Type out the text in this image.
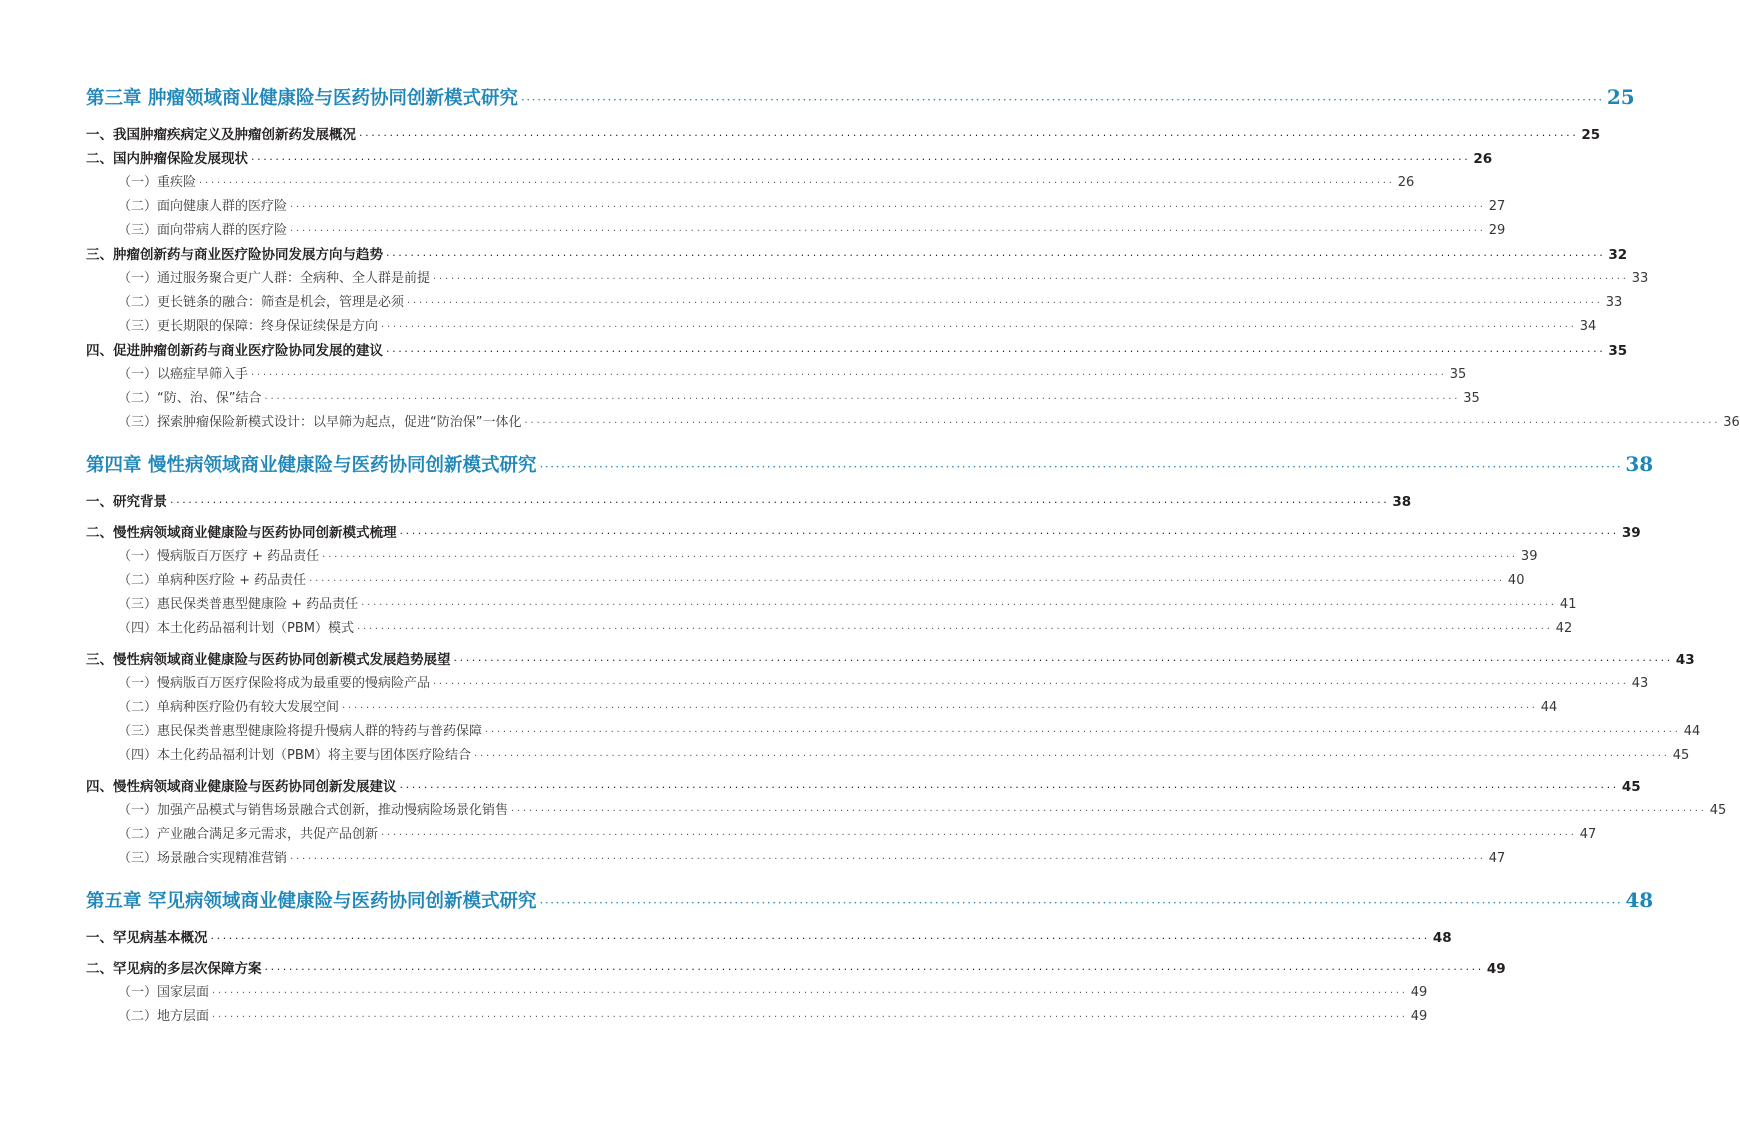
第三章 肿瘤领域商业健康险与医药协同创新模式研究 ········································································································································································································ 25
一、我国肿瘤疾病定义及肿瘤创新药发展概况 ········································································································································································································ 25
二、国内肿瘤保险发展现状 ········································································································································································································ 26
（一）重疾险 ········································································································································································································ 26
（二）面向健康人群的医疗险 ········································································································································································································ 27
（三）面向带病人群的医疗险 ········································································································································································································ 29
三、肿瘤创新药与商业医疗险协同发展方向与趋势 ········································································································································································································ 32
（一）通过服务聚合更广人群：全病种、全人群是前提 ········································································································································································································ 33
（二）更长链条的融合：筛查是机会，管理是必须 ········································································································································································································ 33
（三）更长期限的保障：终身保证续保是方向 ········································································································································································································ 34
四、促进肿瘤创新药与商业医疗险协同发展的建议 ········································································································································································································ 35
（一）以癌症早筛入手 ········································································································································································································ 35
（二）“防、治、保”结合 ········································································································································································································ 35
（三）探索肿瘤保险新模式设计：以早筛为起点，促进“防治保”一体化 ········································································································································································································ 36
第四章 慢性病领域商业健康险与医药协同创新模式研究 ········································································································································································································ 38
一、研究背景 ········································································································································································································ 38
二、慢性病领域商业健康险与医药协同创新模式梳理 ········································································································································································································ 39
（一）慢病版百万医疗 + 药品责任 ········································································································································································································ 39
（二）单病种医疗险 + 药品责任 ········································································································································································································ 40
（三）惠民保类普惠型健康险 + 药品责任 ········································································································································································································ 41
（四）本土化药品福利计划（PBM）模式 ········································································································································································································ 42
三、慢性病领域商业健康险与医药协同创新模式发展趋势展望 ········································································································································································································ 43
（一）慢病版百万医疗保险将成为最重要的慢病险产品 ········································································································································································································ 43
（二）单病种医疗险仍有较大发展空间 ········································································································································································································ 44
（三）惠民保类普惠型健康险将提升慢病人群的特药与普药保障 ········································································································································································································ 44
（四）本土化药品福利计划（PBM）将主要与团体医疗险结合 ········································································································································································································ 45
四、慢性病领域商业健康险与医药协同创新发展建议 ········································································································································································································ 45
（一）加强产品模式与销售场景融合式创新，推动慢病险场景化销售 ········································································································································································································ 45
（二）产业融合满足多元需求，共促产品创新 ········································································································································································································ 47
（三）场景融合实现精准营销 ········································································································································································································ 47
第五章 罕见病领域商业健康险与医药协同创新模式研究 ········································································································································································································ 48
一、罕见病基本概况 ········································································································································································································ 48
二、罕见病的多层次保障方案 ········································································································································································································ 49
（一）国家层面 ········································································································································································································ 49
（二）地方层面 ········································································································································································································ 49
